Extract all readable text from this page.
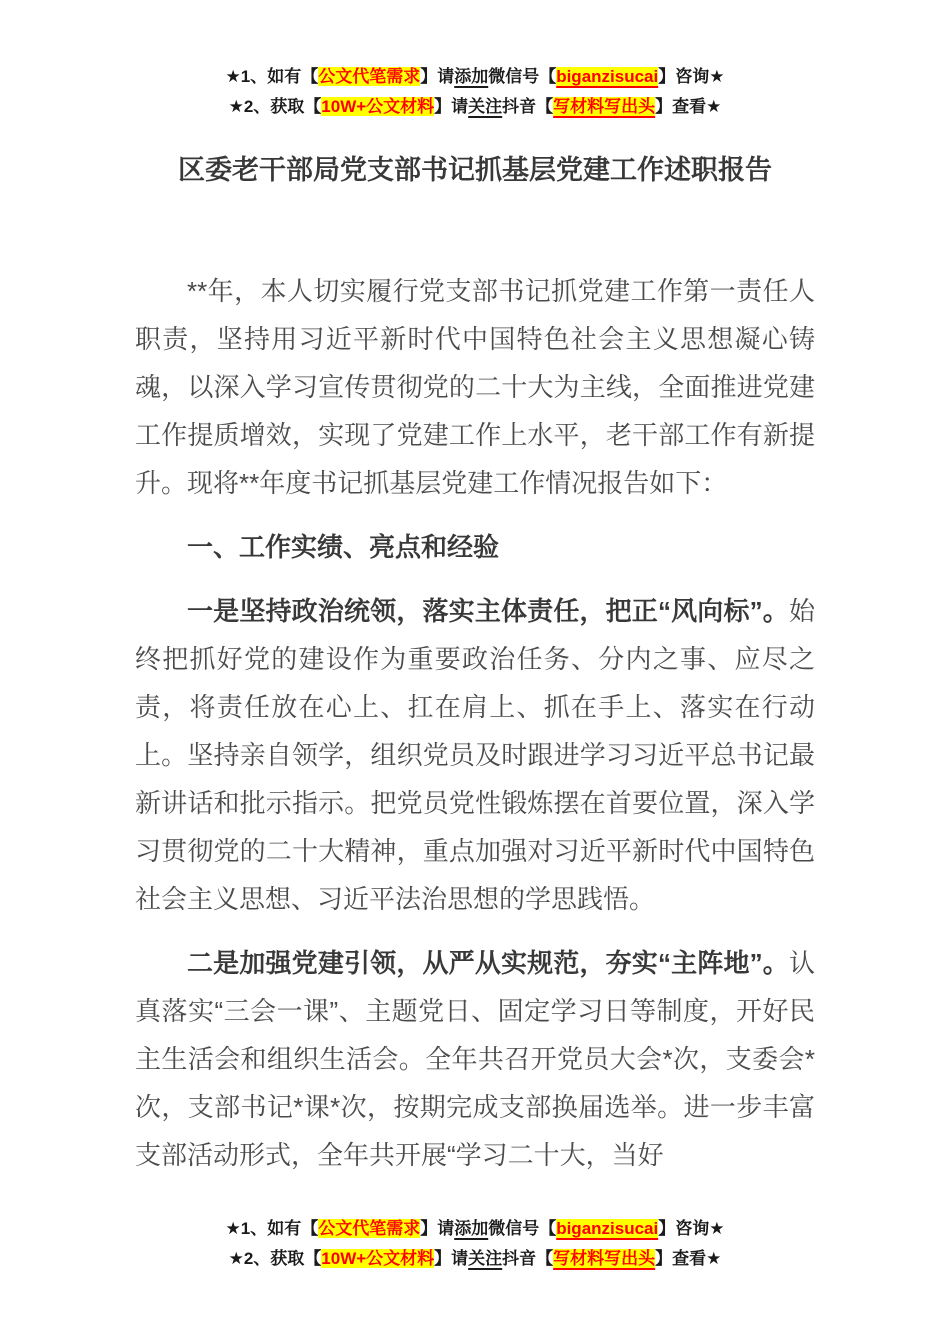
★1、如有【公文代笔需求】请添加微信号【biganzisucai】咨询★
★2、获取【10W+公文材料】请关注抖音【写材料写出头】查看★
区委老干部局党支部书记抓基层党建工作述职报告

**年，本人切实履行党支部书记抓党建工作第一责任人职责，坚持用习近平新时代中国特色社会主义思想凝心铸魂，以深入学习宣传贯彻党的二十大为主线，全面推进党建工作提质增效，实现了党建工作上水平，老干部工作有新提升。现将**年度书记抓基层党建工作情况报告如下：

一、工作实绩、亮点和经验

一是坚持政治统领，落实主体责任，把正“风向标”。始终把抓好党的建设作为重要政治任务、分内之事、应尽之责，将责任放在心上、扛在肩上、抓在手上、落实在行动上。坚持亲自领学，组织党员及时跟进学习习近平总书记最新讲话和批示指示。把党员党性锻炼摆在首要位置，深入学习贯彻党的二十大精神，重点加强对习近平新时代中国特色社会主义思想、习近平法治思想的学思践悟。

二是加强党建引领，从严从实规范，夯实“主阵地”。认真落实“三会一课”、主题党日、固定学习日等制度，开好民主生活会和组织生活会。全年共召开党员大会*次，支委会* 次，支部书记*课*次，按期完成支部换届选举。进一步丰富支部活动形式，全年共开展“学习二十大，当好

★1、如有【公文代笔需求】请添加微信号【biganzisucai】咨询★
★2、获取【10W+公文材料】请关注抖音【写材料写出头】查看★
